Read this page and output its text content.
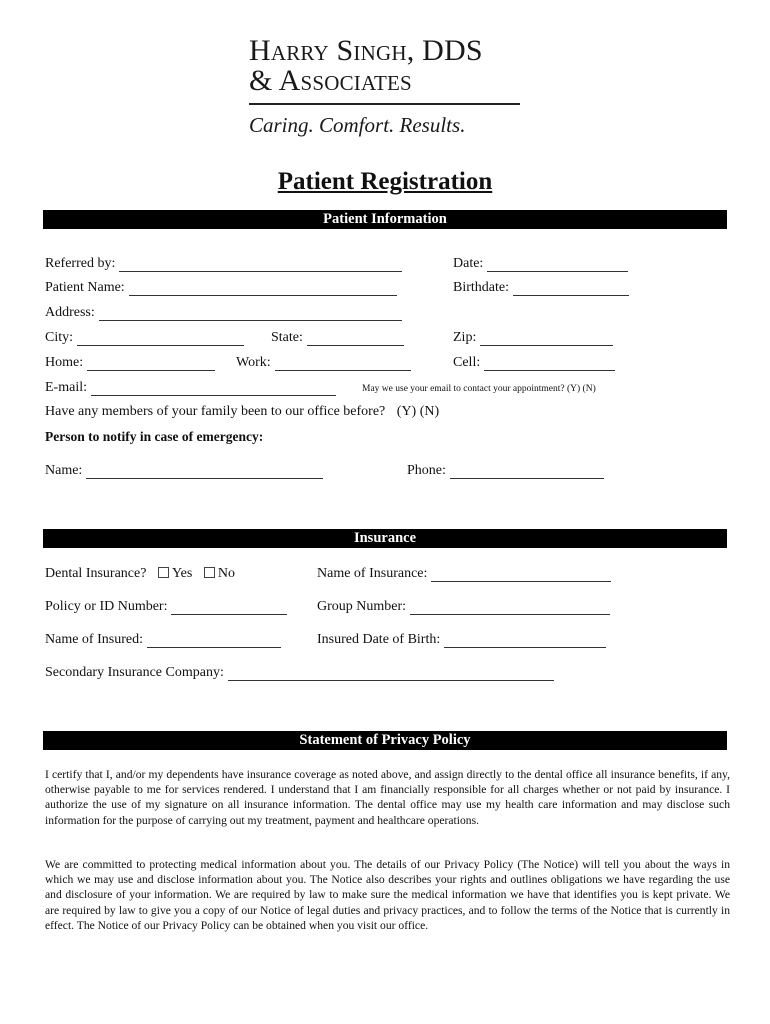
Harry Singh, DDS
& Associates
Caring. Comfort. Results.
Patient Registration
Patient Information
Referred by:	Date:
Patient Name:	Birthdate:
Address:
City:	State:	Zip:
Home:	Work:	Cell:
E-mail:	May we use your email to contact your appointment? (Y) (N)
Have any members of your family been to our office before? (Y) (N)
Person to notify in case of emergency:
Name:	Phone:
Insurance
Dental Insurance? Yes No	Name of Insurance:
Policy or ID Number:	Group Number:
Name of Insured:	Insured Date of Birth:
Secondary Insurance Company:
Statement of Privacy Policy
I certify that I, and/or my dependents have insurance coverage as noted above, and assign directly to the dental office all insurance benefits, if any, otherwise payable to me for services rendered. I understand that I am financially responsible for all charges whether or not paid by insurance. I authorize the use of my signature on all insurance information. The dental office may use my health care information and may disclose such information for the purpose of carrying out my treatment, payment and healthcare operations.
We are committed to protecting medical information about you. The details of our Privacy Policy (The Notice) will tell you about the ways in which we may use and disclose information about you. The Notice also describes your rights and outlines obligations we have regarding the use and disclosure of your information. We are required by law to make sure the medical information we have that identifies you is kept private. We are required by law to give you a copy of our Notice of legal duties and privacy practices, and to follow the terms of the Notice that is currently in effect. The Notice of our Privacy Policy can be obtained when you visit our office.
